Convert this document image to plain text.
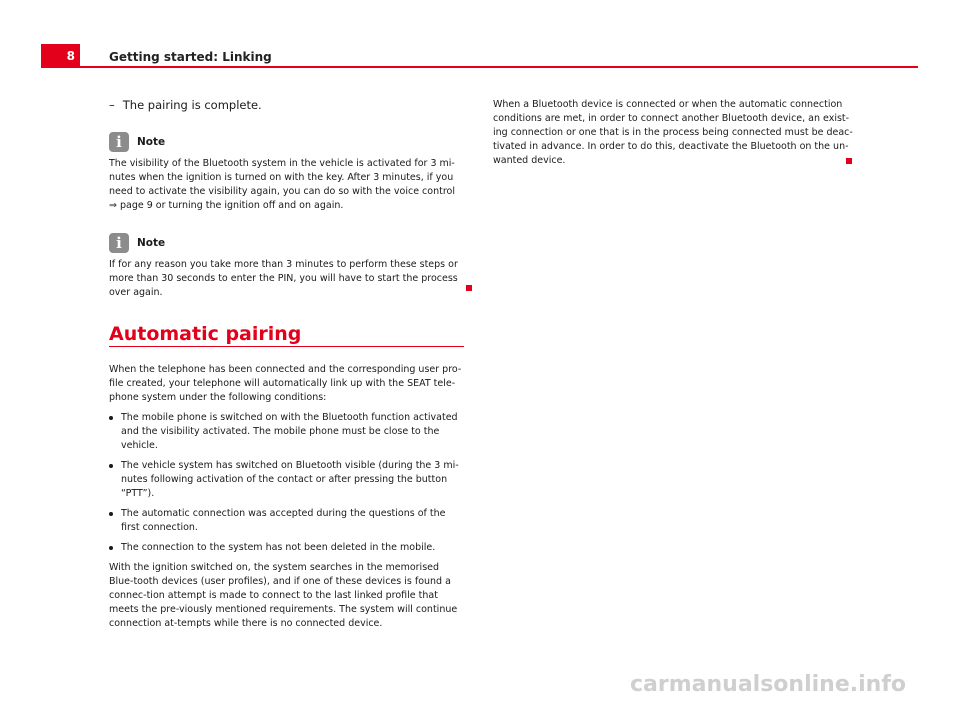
8	Getting started: Linking
– The pairing is complete.
i	Note

The visibility of the Bluetooth system in the vehicle is activated for 3 mi-nutes when the ignition is turned on with the key. After 3 minutes, if you need to activate the visibility again, you can do so with the voice control ⇒ page 9 or turning the ignition off and on again.

i	Note

If for any reason you take more than 3 minutes to perform these steps or more than 30 seconds to enter the PIN, you will have to start the process over again.

Automatic pairing

When the telephone has been connected and the corresponding user pro-file created, your telephone will automatically link up with the SEAT tele-phone system under the following conditions:

The mobile phone is switched on with the Bluetooth function activated and the visibility activated. The mobile phone must be close to the vehicle.
The vehicle system has switched on Bluetooth visible (during the 3 mi-nutes following activation of the contact or after pressing the button “PTT”).
The automatic connection was accepted during the questions of the first connection.
The connection to the system has not been deleted in the mobile.

With the ignition switched on, the system searches in the memorised Blue-tooth devices (user profiles), and if one of these devices is found a connec-tion attempt is made to connect to the last linked profile that meets the pre-viously mentioned requirements. The system will continue connection at-tempts while there is no connected device.

When a Bluetooth device is connected or when the automatic connection conditions are met, in order to connect another Bluetooth device, an exist-ing connection or one that is in the process being connected must be deac-tivated in advance. In order to do this, deactivate the Bluetooth on the un-wanted device.

carmanualsonline.info
